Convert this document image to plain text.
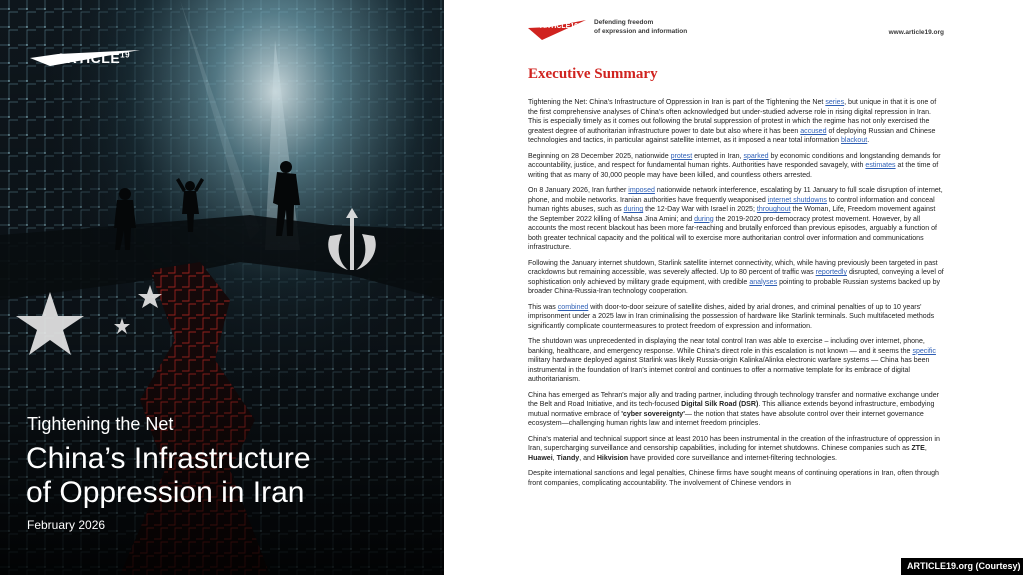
ARTICLE$^{19}$
Tightening the Net
China’s Infrastructure
of Oppression in Iran
February 2026
ARTICLE19
Defending freedom
of expression and information	www.article19.org
Executive Summary

Tightening the Net: China’s Infrastructure of Oppression in Iran is part of the Tightening the Net series, but unique in that it is one of the first comprehensive analyses of China’s often acknowledged but under-studied adverse role in rising digital repression in Iran. This is especially timely as it comes out following the brutal suppression of protest in which the regime has not only exercised the greatest degree of authoritarian infrastructure power to date but also where it has been accused of deploying Russian and Chinese technologies and tactics, in particular against satellite internet, as it imposed a near total information blackout.

Beginning on 28 December 2025, nationwide protest erupted in Iran, sparked by economic conditions and longstanding demands for accountability, justice, and respect for fundamental human rights. Authorities have responded savagely, with estimates at the time of writing that as many of 30,000 people may have been killed, and countless others arrested.

On 8 January 2026, Iran further imposed nationwide network interference, escalating by 11 January to full scale disruption of internet, phone, and mobile networks. Iranian authorities have frequently weaponised internet shutdowns to control information and conceal human rights abuses, such as during the 12-Day War with Israel in 2025; throughout the Woman, Life, Freedom movement against the September 2022 killing of Mahsa Jina Amini; and during the 2019-2020 pro-democracy protest movement. However, by all accounts the most recent blackout has been more far-reaching and brutally enforced than previous episodes, arguably a function of both greater technical capacity and the political will to exercise more authoritarian control over information and communications infrastructure.

Following the January internet shutdown, Starlink satellite internet connectivity, which, while having previously been targeted in past crackdowns but remaining accessible, was severely affected. Up to 80 percent of traffic was reportedly disrupted, conveying a level of sophistication only achieved by military grade equipment, with credible analyses pointing to probable Russian systems backed up by broader China-Russia-Iran technology cooperation.

This was combined with door-to-door seizure of satellite dishes, aided by arial drones, and criminal penalties of up to 10 years' imprisonment under a 2025 law in Iran criminalising the possession of hardware like Starlink terminals. Such multifaceted methods significantly complicate countermeasures to protect freedom of expression and information.

The shutdown was unprecedented in displaying the near total control Iran was able to exercise – including over internet, phone, banking, healthcare, and emergency response. While China's direct role in this escalation is not known — and it seems the specific military hardware deployed against Starlink was likely Russia-origin Kalinka/Alinka electronic warfare systems — China has been instrumental in the foundation of Iran's internet control and continues to offer a normative template for its embrace of digital authoritarianism.

China has emerged as Tehran's major ally and trading partner, including through technology transfer and normative exchange under the Belt and Road Initiative, and its tech-focused Digital Silk Road (DSR). This alliance extends beyond infrastructure, embodying mutual normative embrace of 'cyber sovereignty'— the notion that states have absolute control over their internet governance ecosystem—challenging human rights law and internet freedom principles.

China's material and technical support since at least 2010 has been instrumental in the creation of the infrastructure of oppression in Iran, supercharging surveillance and censorship capabilities, including for internet shutdowns. Chinese companies such as ZTE, Huawei, Tiandy, and Hikvision have provided core surveillance and internet-filtering technologies.

Despite international sanctions and legal penalties, Chinese firms have sought means of continuing operations in Iran, often through front companies, complicating accountability. The involvement of Chinese vendors in

ARTICLE19.org (Courtesy)
